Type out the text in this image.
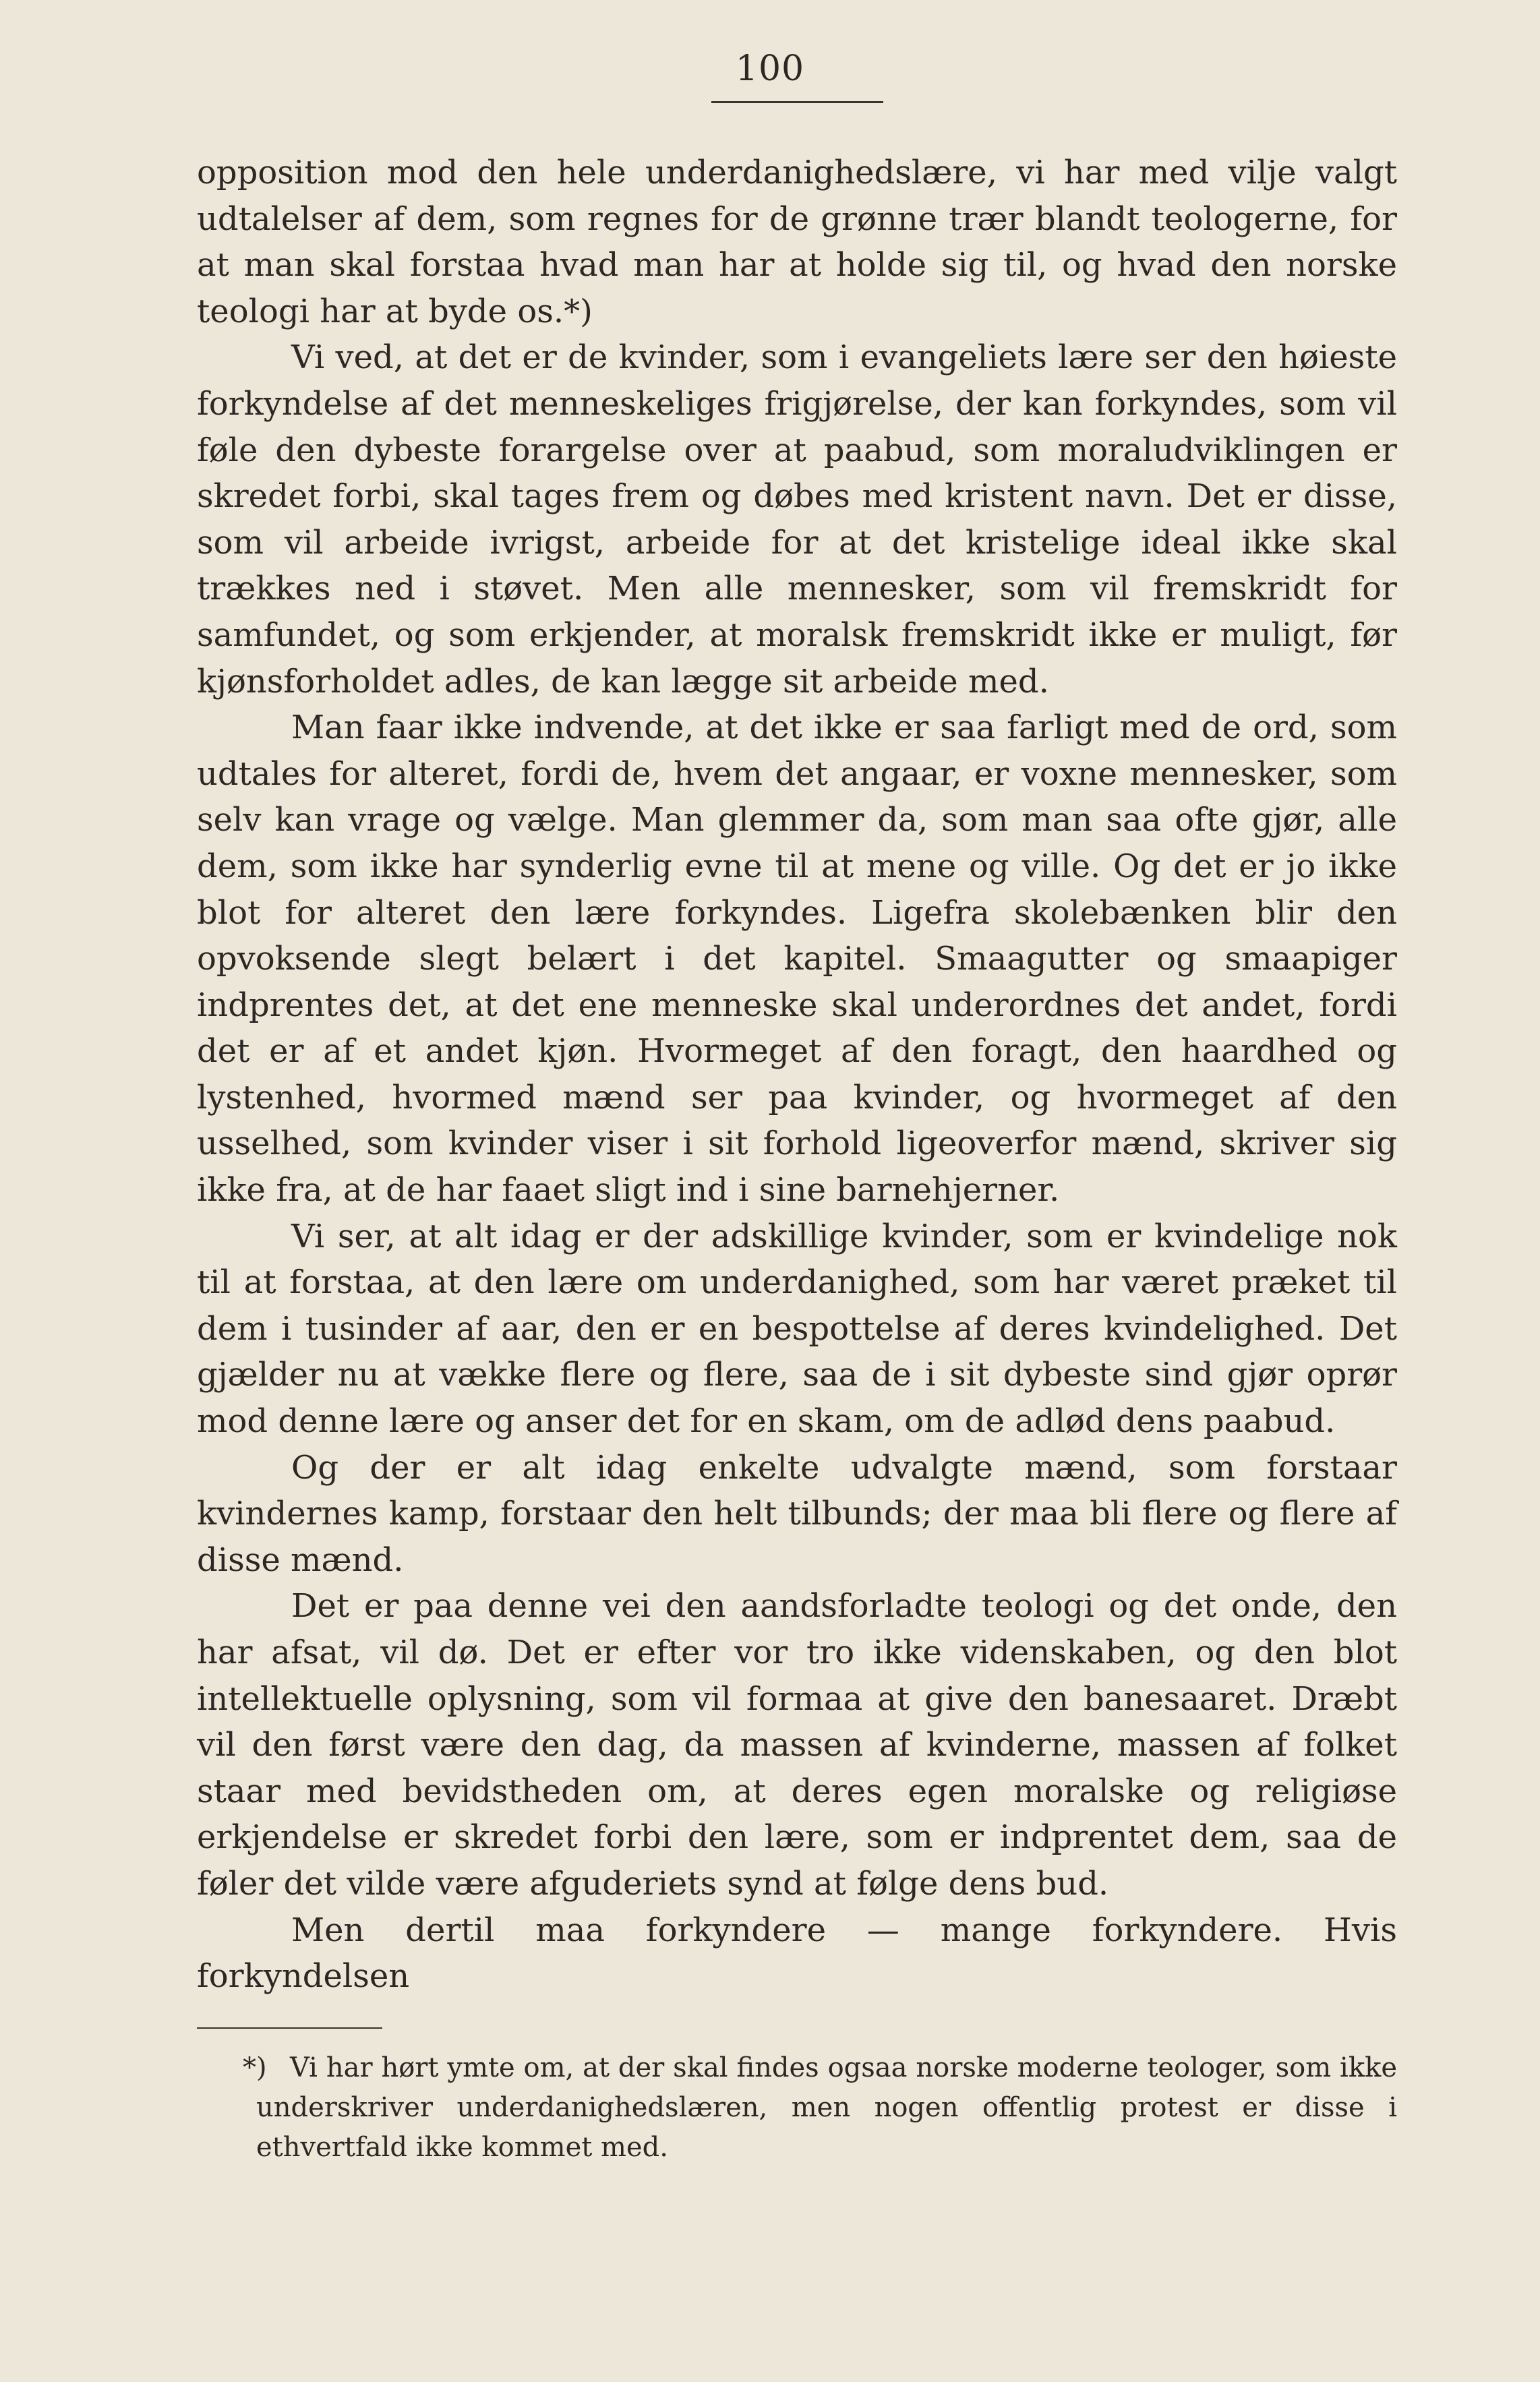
100

opposition mod den hele underdanighedslære, vi har med vilje valgt udtalelser af dem, som regnes for de grønne trær blandt teologerne, for at man skal forstaa hvad man har at holde sig til, og hvad den norske teologi har at byde os.*)

Vi ved, at det er de kvinder, som i evangeliets lære ser den høieste forkyndelse af det menneskeliges frigjørelse, der kan forkyndes, som vil føle den dybeste forargelse over at paabud, som moraludviklingen er skredet forbi, skal tages frem og døbes med kristent navn. Det er disse, som vil arbeide ivrigst, arbeide for at det kristelige ideal ikke skal trækkes ned i støvet. Men alle mennesker, som vil fremskridt for samfundet, og som erkjender, at moralsk fremskridt ikke er muligt, før kjønsforholdet adles, de kan lægge sit arbeide med.

Man faar ikke indvende, at det ikke er saa farligt med de ord, som udtales for alteret, fordi de, hvem det angaar, er voxne mennesker, som selv kan vrage og vælge. Man glemmer da, som man saa ofte gjør, alle dem, som ikke har synderlig evne til at mene og ville. Og det er jo ikke blot for alteret den lære forkyndes. Ligefra skolebænken blir den opvoksende slegt belært i det kapitel. Smaagutter og smaapiger indprentes det, at det ene menneske skal underordnes det andet, fordi det er af et andet kjøn. Hvormeget af den foragt, den haardhed og lystenhed, hvormed mænd ser paa kvinder, og hvormeget af den usselhed, som kvinder viser i sit forhold ligeoverfor mænd, skriver sig ikke fra, at de har faaet sligt ind i sine barnehjerner.

Vi ser, at alt idag er der adskillige kvinder, som er kvindelige nok til at forstaa, at den lære om underdanighed, som har været præket til dem i tusinder af aar, den er en bespottelse af deres kvindelighed. Det gjælder nu at vække flere og flere, saa de i sit dybeste sind gjør oprør mod denne lære og anser det for en skam, om de adlød dens paabud.

Og der er alt idag enkelte udvalgte mænd, som forstaar kvindernes kamp, forstaar den helt tilbunds; der maa bli flere og flere af disse mænd.

Det er paa denne vei den aandsforladte teologi og det onde, den har afsat, vil dø. Det er efter vor tro ikke videnskaben, og den blot intellektuelle oplysning, som vil formaa at give den banesaaret. Dræbt vil den først være den dag, da massen af kvinderne, massen af folket staar med bevidstheden om, at deres egen moralske og religiøse erkjendelse er skredet forbi den lære, som er indprentet dem, saa de føler det vilde være afguderiets synd at følge dens bud.

Men dertil maa forkyndere — mange forkyndere. Hvis forkyndelsen

*) Vi har hørt ymte om, at der skal findes ogsaa norske moderne teologer, som ikke underskriver underdanighedslæren, men nogen offentlig protest er disse i ethvertfald ikke kommet med.
